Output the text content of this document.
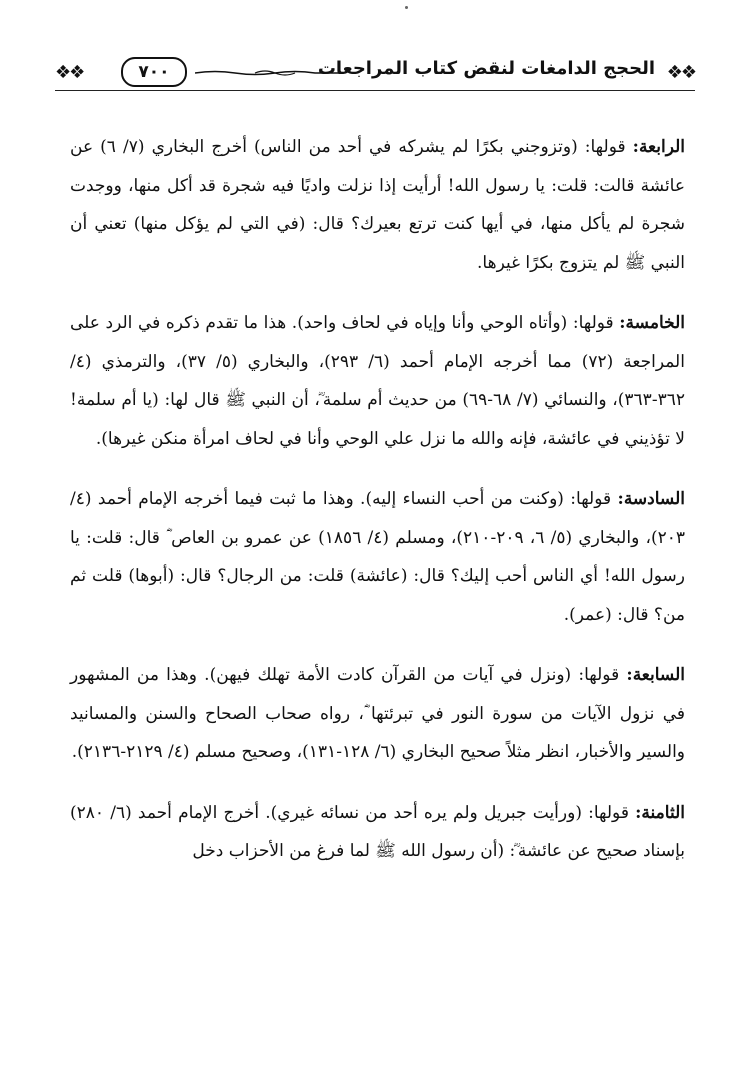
❖❖
الحجج الدامغات لنقض كتاب المراجعات
٧٠٠
❖❖

الرابعة: قولها: (وتزوجني بكرًا لم يشركه في أحد من الناس) أخرج البخاري (٧/ ٦) عن عائشة قالت: قلت: يا رسول الله! أرأيت إذا نزلت واديًا فيه شجرة قد أكل منها، ووجدت شجرة لم يأكل منها، في أيها كنت ترتع بعيرك؟ قال: (في التي لم يؤكل منها) تعني أن النبي ﷺ لم يتزوج بكرًا غيرها.

الخامسة: قولها: (وأتاه الوحي وأنا وإياه في لحاف واحد). هذا ما تقدم ذكره في الرد على المراجعة (٧٢) مما أخرجه الإمام أحمد (٦/ ٢٩٣)، والبخاري (٥/ ٣٧)، والترمذي (٤/ ٣٦٢-٣٦٣)، والنسائي (٧/ ٦٨-٦٩) من حديث أم سلمة ؓ، أن النبي ﷺ قال لها: (يا أم سلمة! لا تؤذيني في عائشة، فإنه والله ما نزل علي الوحي وأنا في لحاف امرأة منكن غيرها).

السادسة: قولها: (وكنت من أحب النساء إليه). وهذا ما ثبت فيما أخرجه الإمام أحمد (٤/ ٢٠٣)، والبخاري (٥/ ٦، ٢٠٩-٢١٠)، ومسلم (٤/ ١٨٥٦) عن عمرو بن العاص ؓ قال: قلت: يا رسول الله! أي الناس أحب إليك؟ قال: (عائشة) قلت: من الرجال؟ قال: (أبوها) قلت ثم من؟ قال: (عمر).

السابعة: قولها: (ونزل في آيات من القرآن كادت الأمة تهلك فيهن). وهذا من المشهور في نزول الآيات من سورة النور في تبرئتها ؓ، رواه صحاب الصحاح والسنن والمسانيد والسير والأخبار، انظر مثلاً صحيح البخاري (٦/ ١٢٨-١٣١)، وصحيح مسلم (٤/ ٢١٢٩-٢١٣٦).

الثامنة: قولها: (ورأيت جبريل ولم يره أحد من نسائه غيري). أخرج الإمام أحمد (٦/ ٢٨٠) بإسناد صحيح عن عائشة ؓ: (أن رسول الله ﷺ لما فرغ من الأحزاب دخل
